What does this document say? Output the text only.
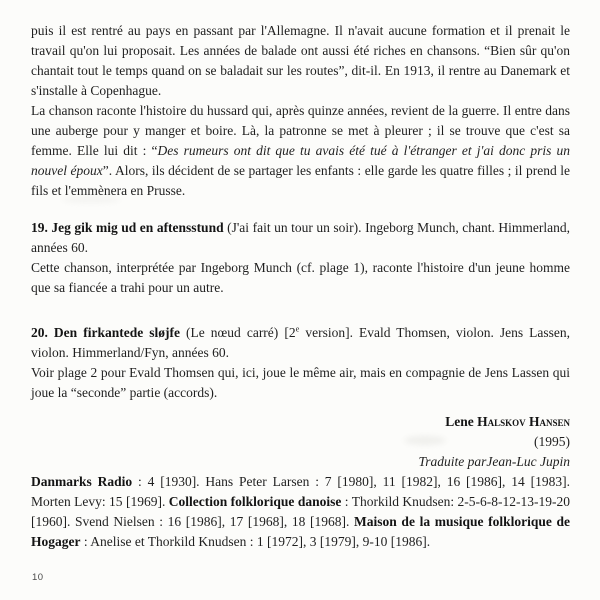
puis il est rentré au pays en passant par l'Allemagne. Il n'avait aucune formation et il prenait le travail qu'on lui proposait. Les années de balade ont aussi été riches en chansons. “Bien sûr qu'on chantait tout le temps quand on se baladait sur les routes”, dit-il. En 1913, il rentre au Danemark et s'installe à Copenhague.

La chanson raconte l'histoire du hussard qui, après quinze années, revient de la guerre. Il entre dans une auberge pour y manger et boire. Là, la patronne se met à pleurer ; il se trouve que c'est sa femme. Elle lui dit : “Des rumeurs ont dit que tu avais été tué à l'étranger et j'ai donc pris un nouvel époux”. Alors, ils décident de se partager les enfants : elle garde les quatre filles ; il prend le fils et l'emmènera en Prusse.

19. Jeg gik mig ud en aftensstund (J'ai fait un tour un soir). Ingeborg Munch, chant. Himmerland, années 60.

Cette chanson, interprétée par Ingeborg Munch (cf. plage 1), raconte l'histoire d'un jeune homme que sa fiancée a trahi pour un autre.

20. Den firkantede sløjfe (Le nœud carré) [2e version]. Evald Thomsen, violon. Jens Lassen, violon. Himmerland/Fyn, années 60.

Voir plage 2 pour Evald Thomsen qui, ici, joue le même air, mais en compagnie de Jens Lassen qui joue la “seconde” partie (accords).

Lene Halskov Hansen
(1995)
Traduite parJean-Luc Jupin

Danmarks Radio : 4 [1930]. Hans Peter Larsen : 7 [1980], 11 [1982], 16 [1986], 14 [1983]. Morten Levy: 15 [1969]. Collection folklorique danoise : Thorkild Knudsen: 2-5-6-8-12-13-19-20 [1960]. Svend Nielsen : 16 [1986], 17 [1968], 18 [1968]. Maison de la musique folklorique de Hogager : Anelise et Thorkild Knudsen : 1 [1972], 3 [1979], 9-10 [1986].

10
